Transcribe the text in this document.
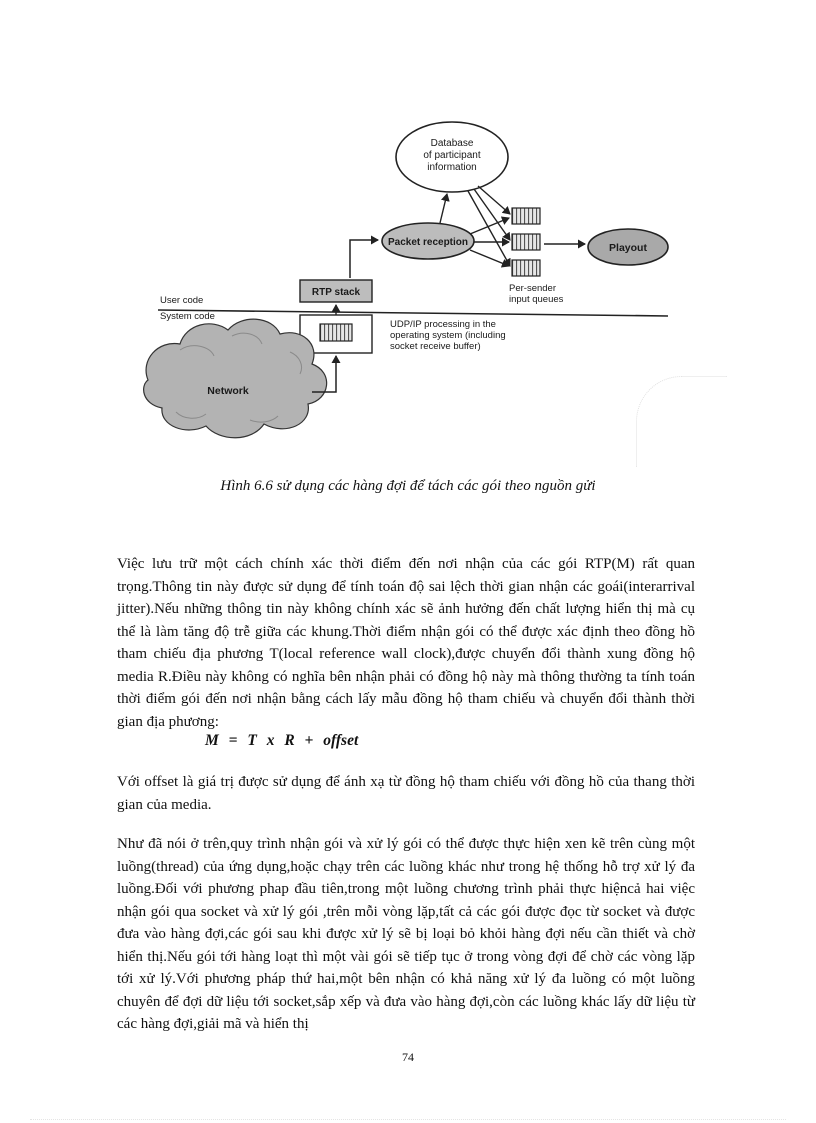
Database
of participant
information
Packet reception	Playout
Per-sender
input queues
RTP stack
User code
System code
UDP/IP processing in the
operating system (including
socket receive buffer)
Network
Hình 6.6 sử dụng các hàng đợi để tách các gói theo nguồn gửi
Việc lưu trữ một cách chính xác thời điểm đến nơi nhận của các gói RTP(M) rất quan trọng.Thông tin này được sử dụng để tính toán độ sai lệch thời gian nhận các goái(interarrival jitter).Nếu những thông tin này không chính xác sẽ ảnh hưởng đến chất lượng hiển thị mà cụ thể là làm tăng độ trễ giữa các khung.Thời điểm nhận gói có thể được xác định theo đồng hồ tham chiếu địa phương T(local reference wall clock),được chuyển đổi thành xung đồng hộ media R.Điều này không có nghĩa bên nhận phải có đồng hộ này mà thông thường ta tính toán thời điểm gói đến nơi nhận bằng cách lấy mẫu đồng hộ tham chiếu và chuyển đổi thành thời gian địa phương:
M = T x R + offset
Với offset là giá trị được sử dụng để ánh xạ từ đồng hộ tham chiếu với đồng hồ của thang thời gian của media.
Như đã nói ở trên,quy trình nhận gói và xử lý gói có thể được thực hiện xen kẽ trên cùng một luồng(thread) của ứng dụng,hoặc chạy trên các luồng khác như trong hệ thống hỗ trợ xử lý đa luồng.Đối với phương phap đầu tiên,trong một luồng chương trình phải thực hiệncả hai việc nhận gói qua socket và xử lý gói ,trên mỗi vòng lặp,tất cả các gói được đọc từ socket và được đưa vào hàng đợi,các gói sau khi được xử lý sẽ bị loại bỏ khỏi hàng đợi nếu cần thiết và chờ hiển thị.Nếu gói tới hàng loạt thì một vài gói sẽ tiếp tục ở trong vòng đợi để chờ các vòng lặp tới xử lý.Với phương pháp thứ hai,một bên nhận có khả năng xử lý đa luồng có một luồng chuyên để đợi dữ liệu tới socket,sắp xếp và đưa vào hàng đợi,còn các luồng khác lấy dữ liệu từ các hàng đợi,giải mã và hiển thị
74
